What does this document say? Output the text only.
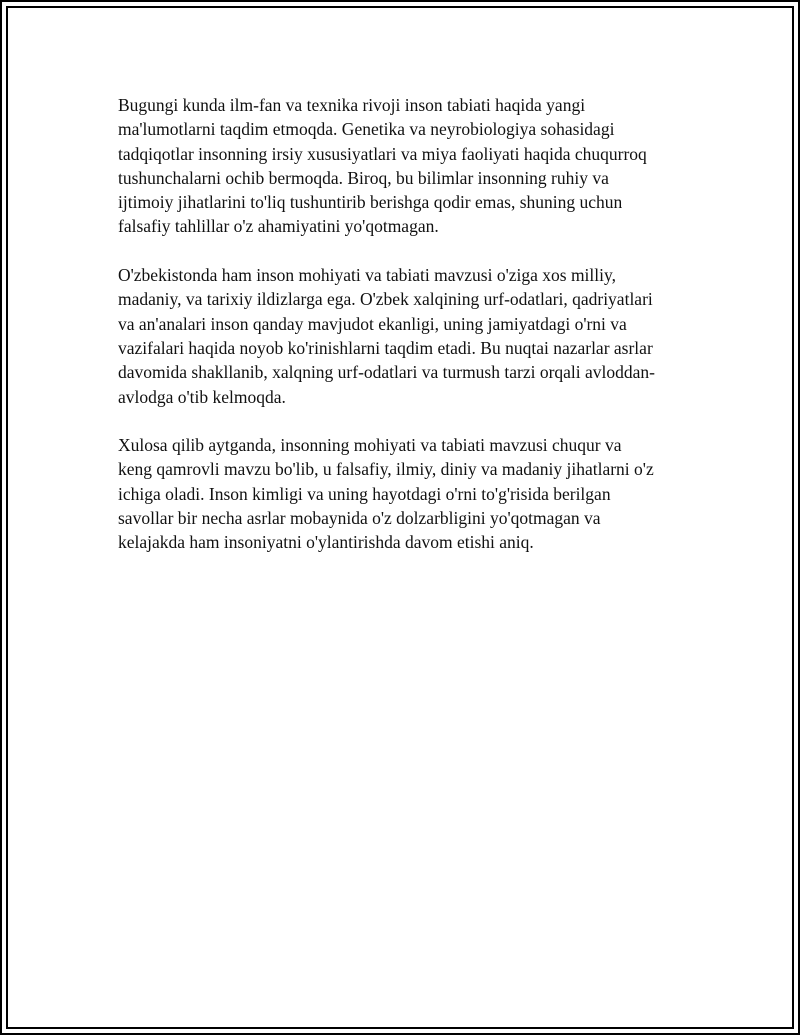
Bugungi kunda ilm-fan va texnika rivoji inson tabiati haqida yangi
ma'lumotlarni taqdim etmoqda. Genetika va neyrobiologiya sohasidagi
tadqiqotlar insonning irsiy xususiyatlari va miya faoliyati haqida chuqurroq
tushunchalarni ochib bermoqda. Biroq, bu bilimlar insonning ruhiy va
ijtimoiy jihatlarini to'liq tushuntirib berishga qodir emas, shuning uchun
falsafiy tahlillar o'z ahamiyatini yo'qotmagan.

O'zbekistonda ham inson mohiyati va tabiati mavzusi o'ziga xos milliy,
madaniy, va tarixiy ildizlarga ega. O'zbek xalqining urf-odatlari, qadriyatlari
va an'analari inson qanday mavjudot ekanligi, uning jamiyatdagi o'rni va
vazifalari haqida noyob ko'rinishlarni taqdim etadi. Bu nuqtai nazarlar asrlar
davomida shakllanib, xalqning urf-odatlari va turmush tarzi orqali avloddan-
avlodga o'tib kelmoqda.

Xulosa qilib aytganda, insonning mohiyati va tabiati mavzusi chuqur va
keng qamrovli mavzu bo'lib, u falsafiy, ilmiy, diniy va madaniy jihatlarni o'z
ichiga oladi. Inson kimligi va uning hayotdagi o'rni to'g'risida berilgan
savollar bir necha asrlar mobaynida o'z dolzarbligini yo'qotmagan va
kelajakda ham insoniyatni o'ylantirishda davom etishi aniq.
